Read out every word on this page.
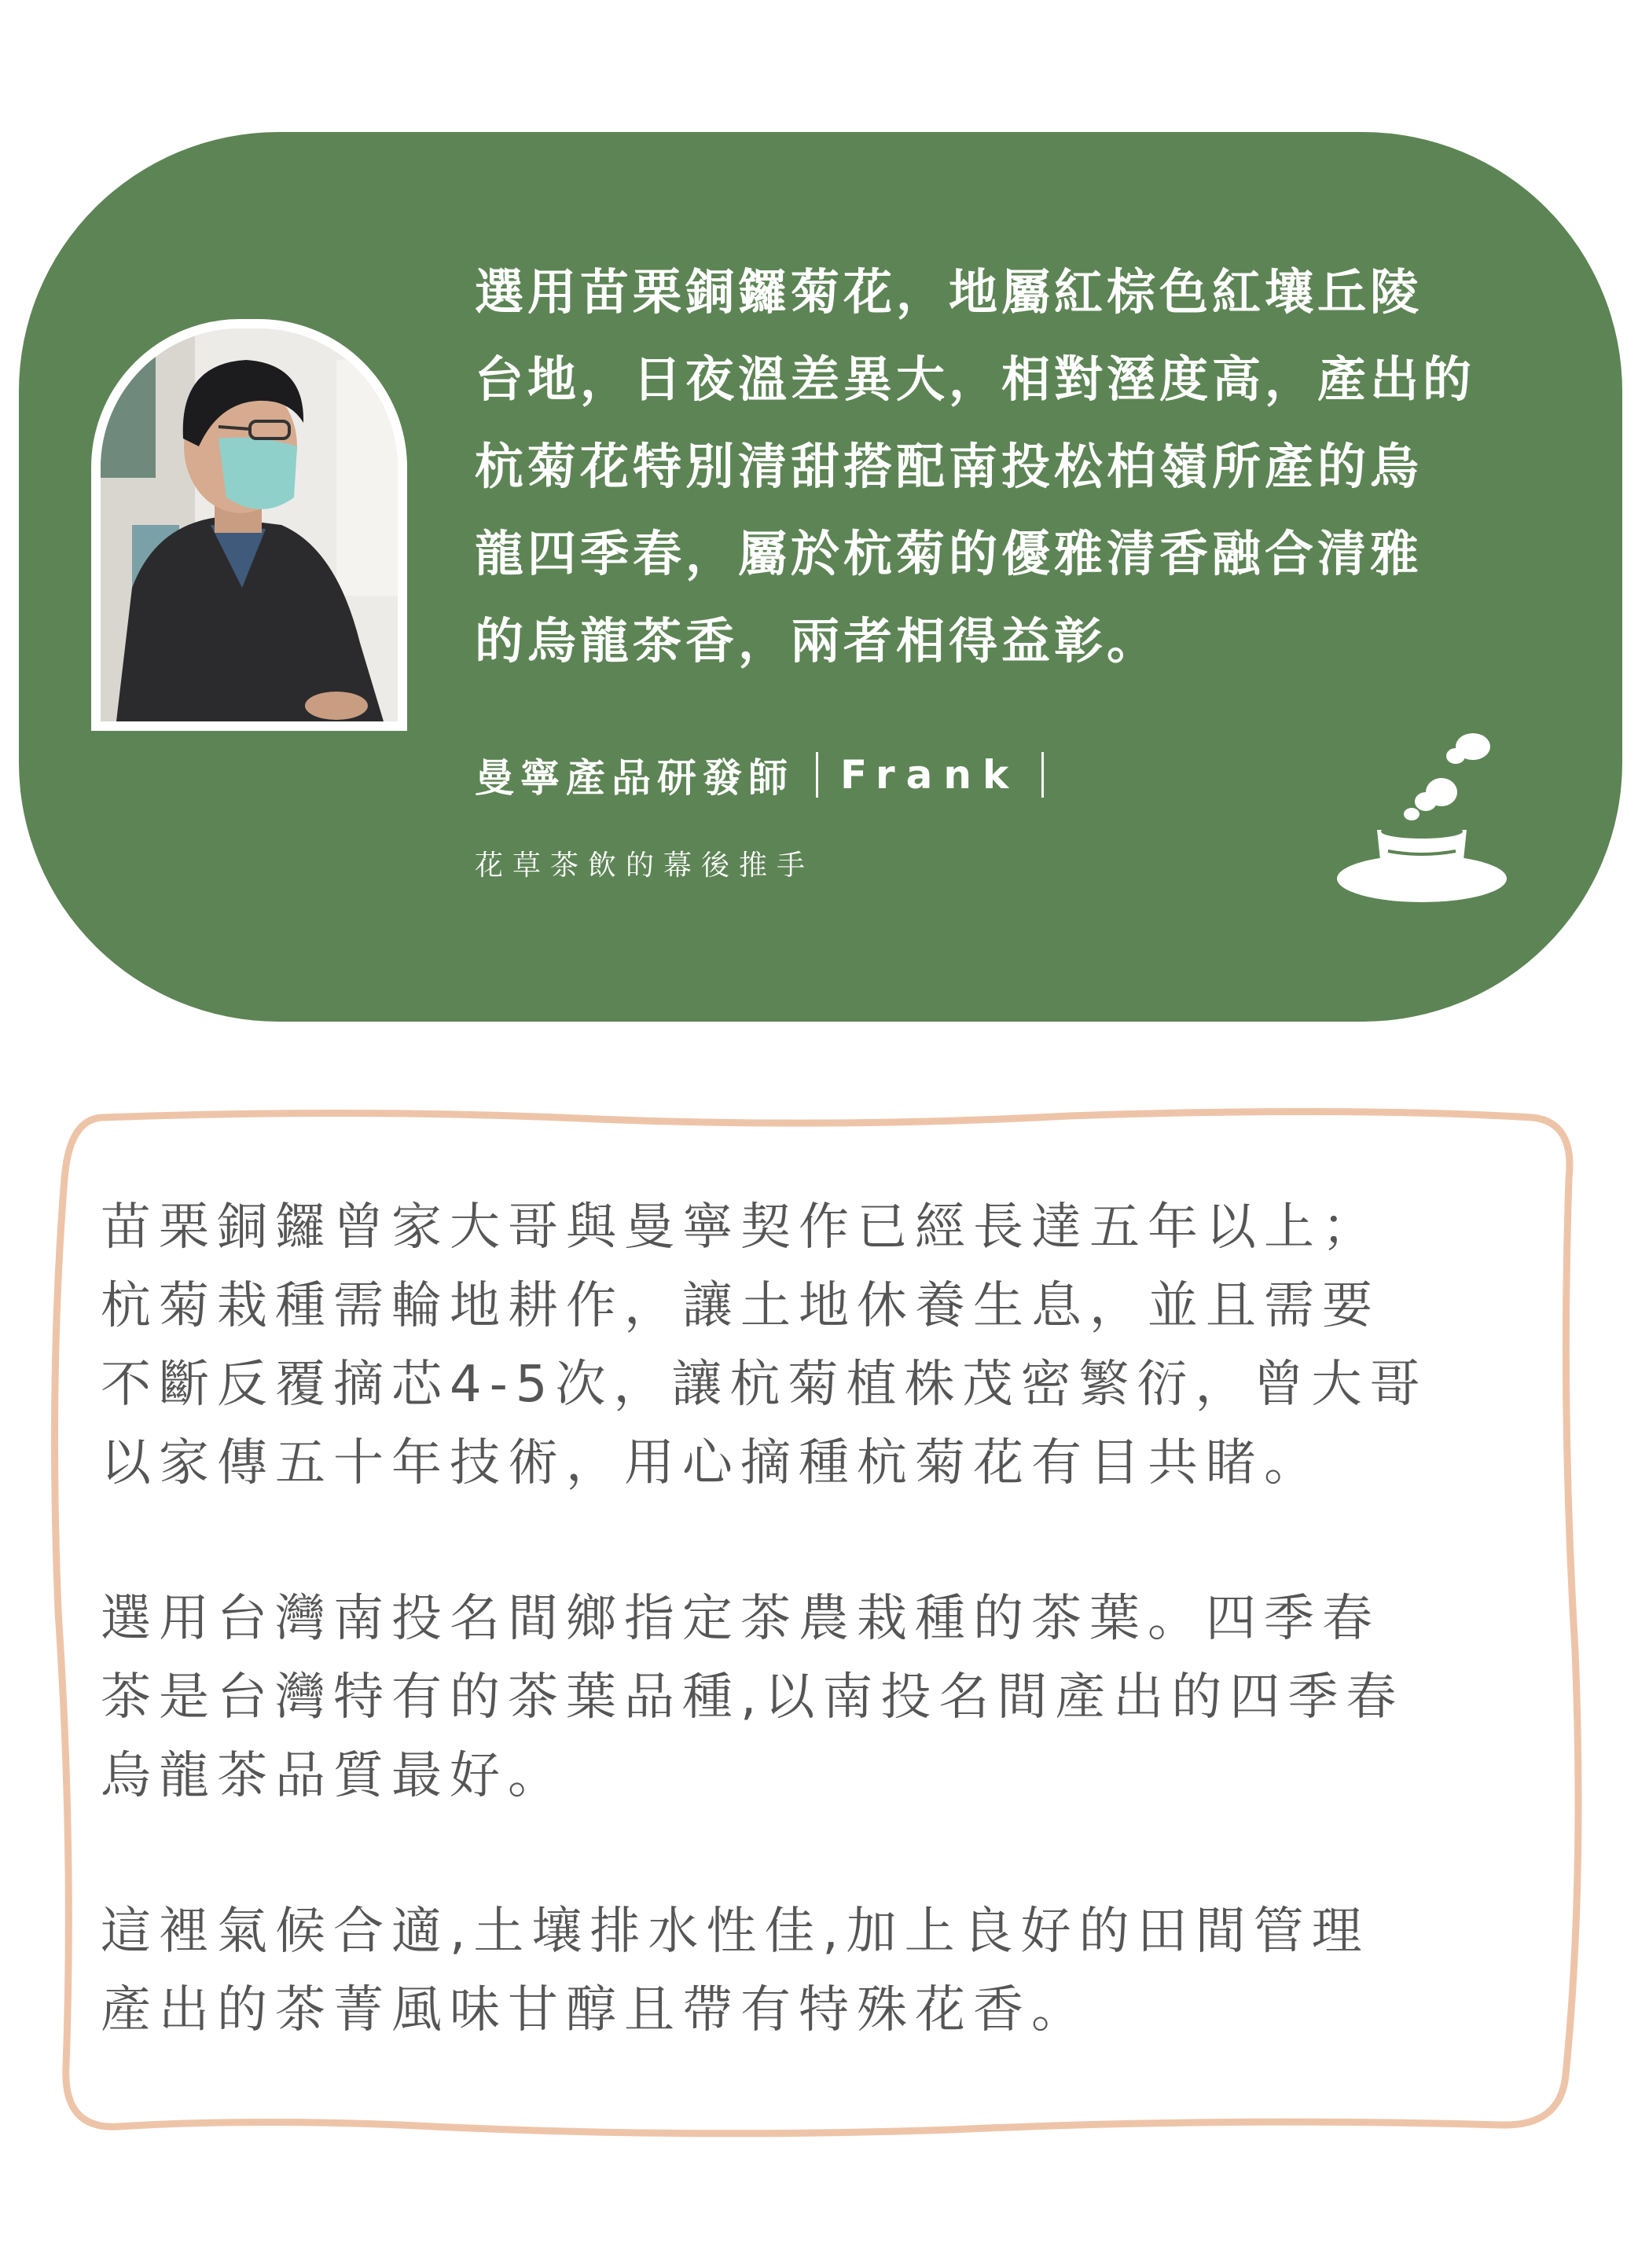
選用苗栗銅鑼菊花，地屬紅棕色紅壤丘陵
台地，日夜溫差異大，相對溼度高，產出的
杭菊花特別清甜搭配南投松柏嶺所產的烏
龍四季春，屬於杭菊的優雅清香融合清雅
的烏龍茶香，兩者相得益彰。
曼寧產品研發師 Frank
花草茶飲的幕後推手
苗栗銅鑼曾家大哥與曼寧契作已經長達五年以上；
杭菊栽種需輪地耕作，讓土地休養生息，並且需要
不斷反覆摘芯4-5次，讓杭菊植株茂密繁衍，曾大哥
以家傳五十年技術，用心摘種杭菊花有目共睹。
選用台灣南投名間鄉指定茶農栽種的茶葉。四季春
茶是台灣特有的茶葉品種,以南投名間產出的四季春
烏龍茶品質最好。
這裡氣候合適,土壤排水性佳,加上良好的田間管理
產出的茶菁風味甘醇且帶有特殊花香。
